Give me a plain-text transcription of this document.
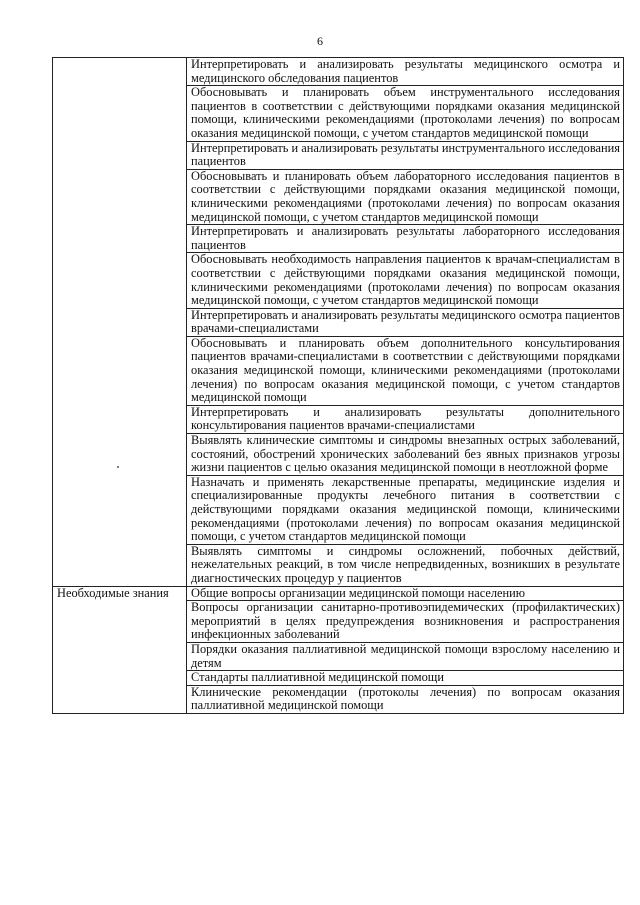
6
	Интерпретировать и анализировать результаты медицинского осмотра и медицинского обследования пациентов
	Обосновывать и планировать объем инструментального исследования пациентов в соответствии с действующими порядками оказания медицинской помощи, клиническими рекомендациями (протоколами лечения) по вопросам оказания медицинской помощи, с учетом стандартов медицинской помощи
	Интерпретировать и анализировать результаты инструментального исследования пациентов
	Обосновывать и планировать объем лабораторного исследования пациентов в соответствии с действующими порядками оказания медицинской помощи, клиническими рекомендациями (протоколами лечения) по вопросам оказания медицинской помощи, с учетом стандартов медицинской помощи
	Интерпретировать и анализировать результаты лабораторного исследования пациентов
	Обосновывать необходимость направления пациентов к врачам-специалистам в соответствии с действующими порядками оказания медицинской помощи, клиническими рекомендациями (протоколами лечения) по вопросам оказания медицинской помощи, с учетом стандартов медицинской помощи
	Интерпретировать и анализировать результаты медицинского осмотра пациентов врачами-специалистами
	Обосновывать и планировать объем дополнительного консультирования пациентов врачами-специалистами в соответствии с действующими порядками оказания медицинской помощи, клиническими рекомендациями (протоколами лечения) по вопросам оказания медицинской помощи, с учетом стандартов медицинской помощи
	Интерпретировать и анализировать результаты дополнительного консультирования пациентов врачами-специалистами
	Выявлять клинические симптомы и синдромы внезапных острых заболеваний, состояний, обострений хронических заболеваний без явных признаков угрозы жизни пациентов с целью оказания медицинской помощи в неотложной форме
	Назначать и применять лекарственные препараты, медицинские изделия и специализированные продукты лечебного питания в соответствии с действующими порядками оказания медицинской помощи, клиническими рекомендациями (протоколами лечения) по вопросам оказания медицинской помощи, с учетом стандартов медицинской помощи
	Выявлять симптомы и синдромы осложнений, побочных действий, нежелательных реакций, в том числе непредвиденных, возникших в результате диагностических процедур у пациентов
Необходимые знания	Общие вопросы организации медицинской помощи населению
	Вопросы организации санитарно-противоэпидемических (профилактических) мероприятий в целях предупреждения возникновения и распространения инфекционных заболеваний
	Порядки оказания паллиативной медицинской помощи взрослому населению и детям
	Стандарты паллиативной медицинской помощи
	Клинические рекомендации (протоколы лечения) по вопросам оказания паллиативной медицинской помощи
